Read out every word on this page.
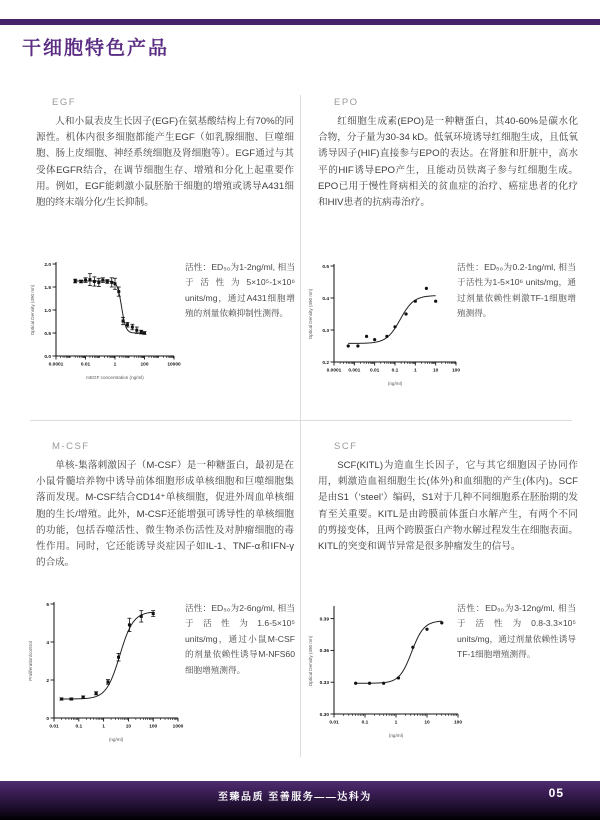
干细胞特色产品
EGF

人和小鼠表皮生长因子(EGF)在氨基酸结构上有70%的同源性。机体内很多细胞都能产生EGF（如乳腺细胞、巨噬细胞、肠上皮细胞、神经系统细胞及肾细胞等）。EGF通过与其受体EGFR结合，在调节细胞生存、增殖和分化上起重要作用。例如，EGF能刺激小鼠胚胎干细胞的增殖或诱导A431细胞的终末端分化/生长抑制。

0.0001	0.01	1	100	10000
0.0
0.5
1.0
1.5
2.0
mEGF concentration (ng/ml)
Optical Density (490 nm)

活性：ED₅₀为1-2ng/ml, 相当于活性为5×10⁵-1×10⁶ units/mg，通过A431细胞增殖的剂量依赖抑制性测得。

EPO

红细胞生成素(EPO)是一种糖蛋白，其40-60%是碳水化合物，分子量为30-34 kD。低氧环境诱导红细胞生成，且低氧诱导因子(HIF)直接参与EPO的表达。在肾脏和肝脏中，高水平的HIF诱导EPO产生，且能动员铁离子参与红细胞生成。EPO已用于慢性肾病相关的贫血症的治疗、癌症患者的化疗和HIV患者的抗病毒治疗。

0.0001 0.001 0.01	0.1	1	10	100
0.2
0.3
0.4
0.5
(ng/ml)
Optical Density (490 nm)

活性：ED₅₀为0.2-1ng/ml, 相当于活性为1-5×10⁶ units/mg，通过剂量依赖性刺激TF-1细胞增殖测得。

M-CSF

单核-集落刺激因子（M-CSF）是一种糖蛋白，最初是在小鼠骨髓培养物中诱导前体细胞形成单核细胞和巨噬细胞集落而发现。M-CSF结合CD14⁺单核细胞，促进外周血单核细胞的生长/增殖。此外，M-CSF还能增强可诱导性的单核细胞的功能，包括吞噬活性、微生物杀伤活性及对肿瘤细胞的毒性作用。同时，它还能诱导炎症因子如IL-1、TNF-α和IFN-γ的合成。

0.01	0.1	1	10	100	1000
0
2
4
6
(ng/ml)
Proliferation/control

活性：ED₅₀为2-6ng/ml, 相当于活性为1.6-5×10⁵ units/mg，通过小鼠M-CSF的剂量依赖性诱导M-NFS60细胞增殖测得。

SCF

SCF(KITL)为造血生长因子，它与其它细胞因子协同作用，刺激造血祖细胞生长(体外)和血细胞的产生(体内)。SCF是由S1（‘steel’）编码，S1对于几种不同细胞系在胚胎期的发育至关重要。KITL是由跨膜前体蛋白水解产生，有两个不同的剪接变体，且两个跨膜蛋白产物水解过程发生在细胞表面。KITL的突变和调节异常是很多肿瘤发生的信号。

0.01	0.1	1	10	100
0.30
0.33
0.36
0.39
(ng/ml)
Optical Density (490 nm)

活性：ED₅₀为3-12ng/ml, 相当于活性为0.8-3.3×10⁵ units/mg，通过剂量依赖性诱导TF-1细胞增殖测得。

至臻品质 至善服务——达科为	05
